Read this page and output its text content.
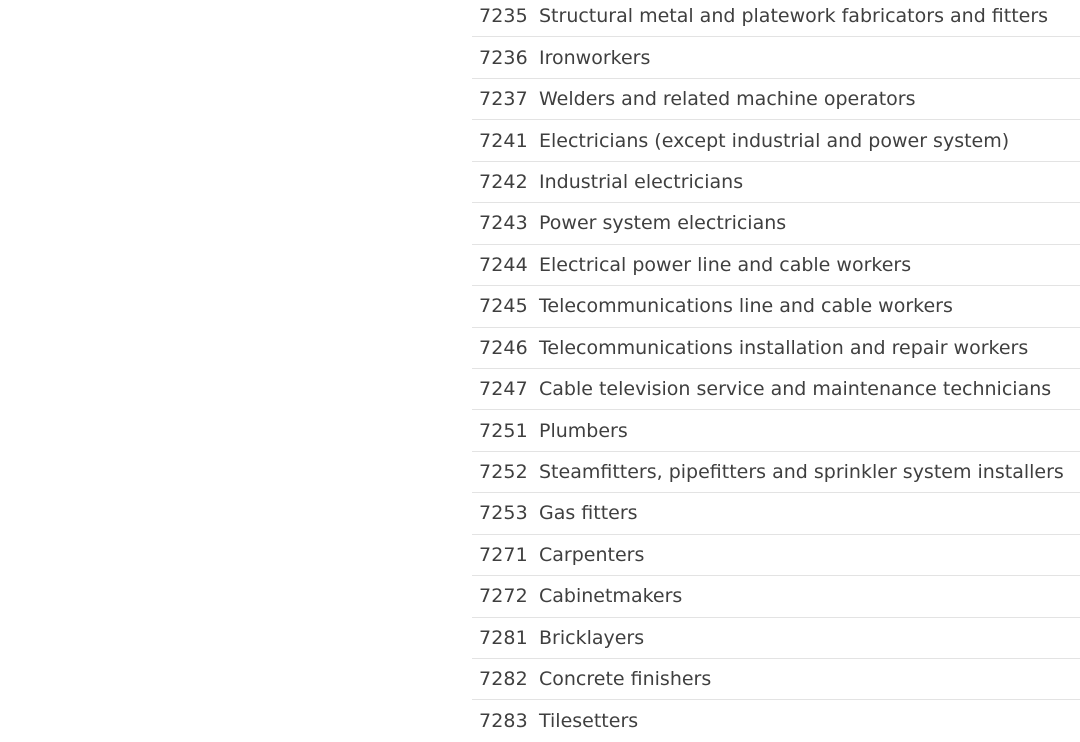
7235 Structural metal and platework fabricators and fitters
7236 Ironworkers
7237 Welders and related machine operators
7241 Electricians (except industrial and power system)
7242 Industrial electricians
7243 Power system electricians
7244 Electrical power line and cable workers
7245 Telecommunications line and cable workers
7246 Telecommunications installation and repair workers
7247 Cable television service and maintenance technicians
7251 Plumbers
7252 Steamfitters, pipefitters and sprinkler system installers
7253 Gas fitters
7271 Carpenters
7272 Cabinetmakers
7281 Bricklayers
7282 Concrete finishers
7283 Tilesetters
